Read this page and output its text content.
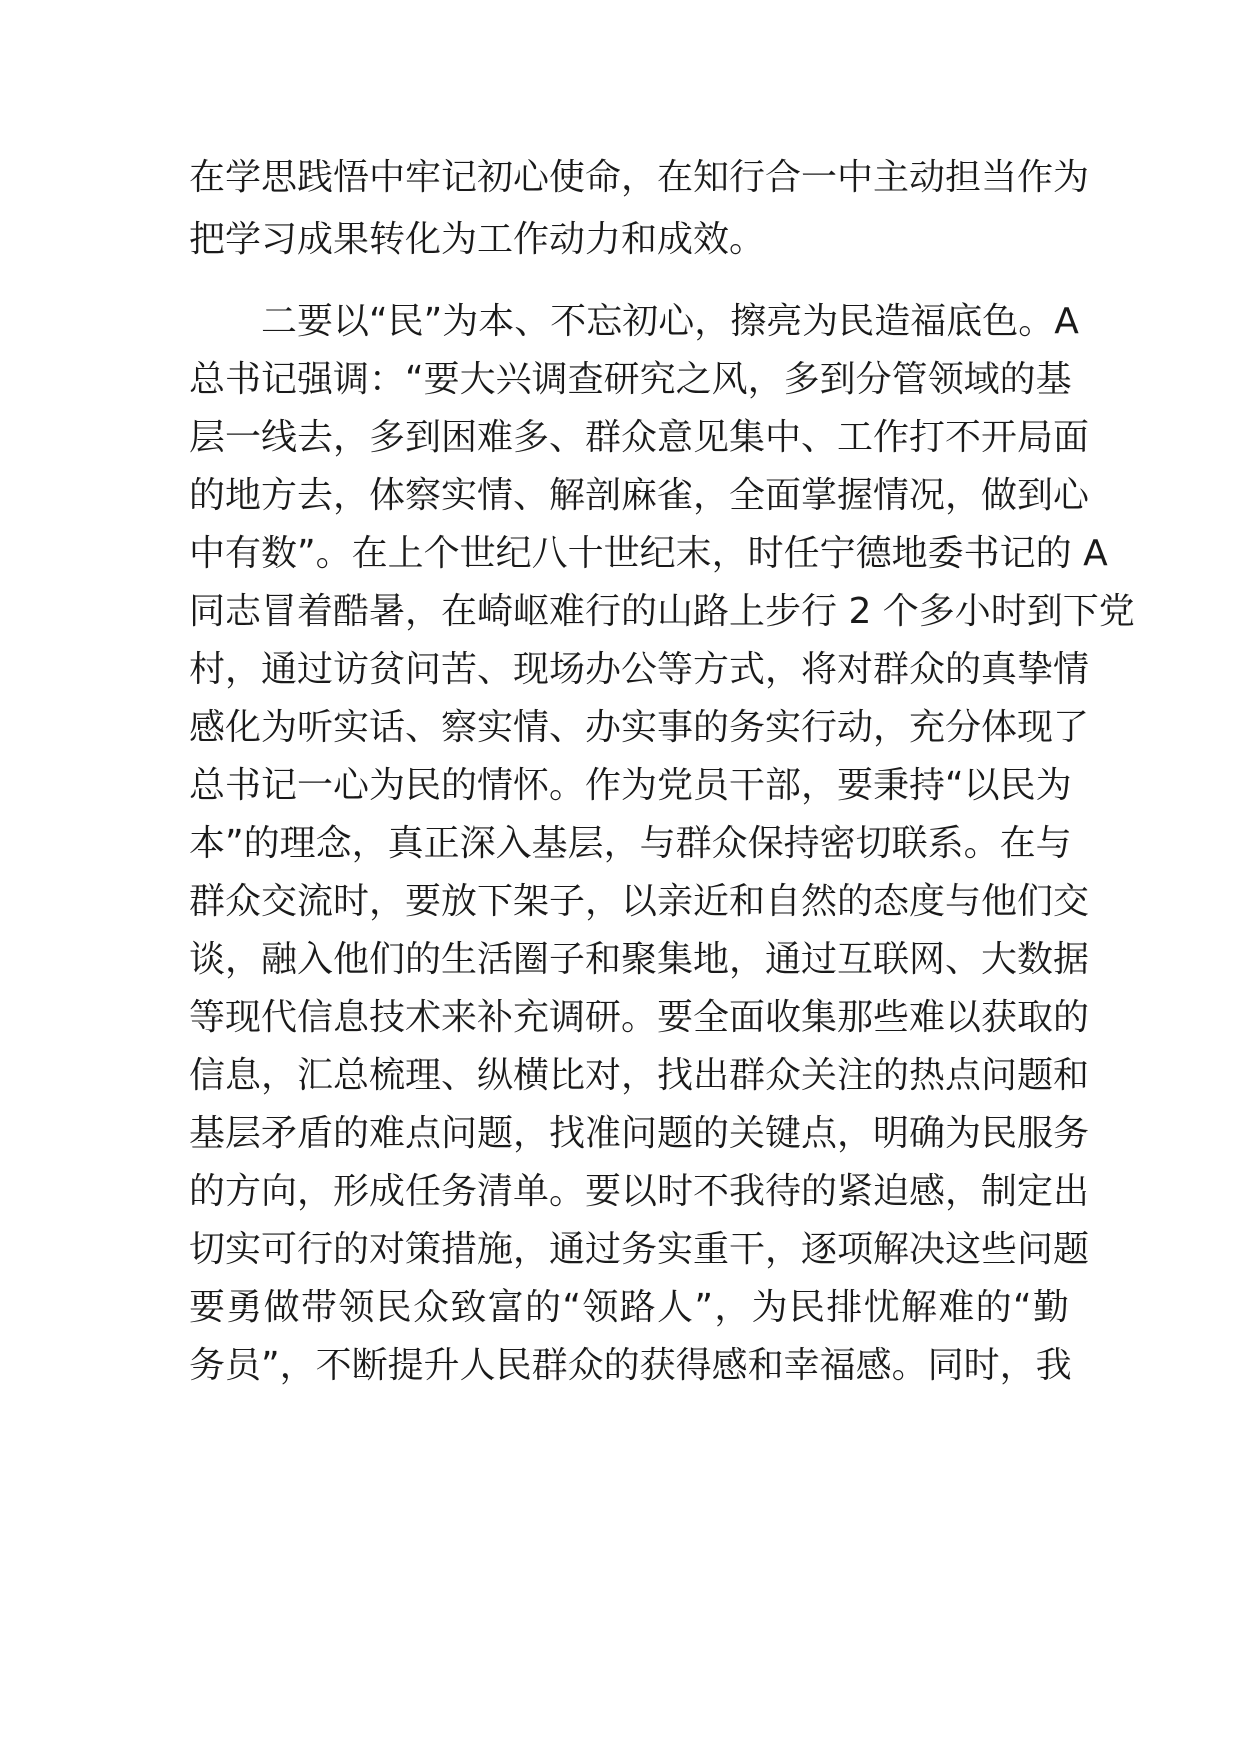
在学思践悟中牢记初心使命，在知行合一中主动担当作为
把学习成果转化为工作动力和成效。
二要以“民”为本、不忘初心，擦亮为民造福底色。A
总书记强调：“要大兴调查研究之风，多到分管领域的基
层一线去，多到困难多、群众意见集中、工作打不开局面
的地方去，体察实情、解剖麻雀，全面掌握情况，做到心
中有数”。在上个世纪八十世纪末，时任宁德地委书记的 A
同志冒着酷暑，在崎岖难行的山路上步行 2 个多小时到下党
村，通过访贫问苦、现场办公等方式，将对群众的真挚情
感化为听实话、察实情、办实事的务实行动，充分体现了
总书记一心为民的情怀。作为党员干部，要秉持“以民为
本”的理念，真正深入基层，与群众保持密切联系。在与
群众交流时，要放下架子，以亲近和自然的态度与他们交
谈，融入他们的生活圈子和聚集地，通过互联网、大数据
等现代信息技术来补充调研。要全面收集那些难以获取的
信息，汇总梳理、纵横比对，找出群众关注的热点问题和
基层矛盾的难点问题，找准问题的关键点，明确为民服务
的方向，形成任务清单。要以时不我待的紧迫感，制定出
切实可行的对策措施，通过务实重干，逐项解决这些问题
要勇做带领民众致富的“领路人”，为民排忧解难的“勤
务员”，不断提升人民群众的获得感和幸福感。同时，我
